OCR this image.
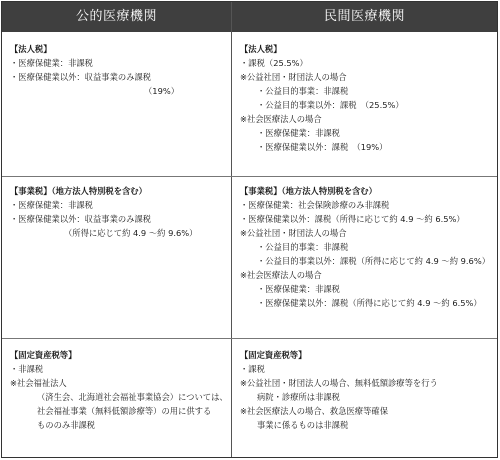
公的医療機関	民間医療機関
【法人税】
・医療保健業：非課税
・医療保健業以外：収益事業のみ課税
（19%）
【法人税】
・課税（25.5%）
※公益社団・財団法人の場合
・公益目的事業：非課税
・公益目的事業以外：課税　（25.5%）
※社会医療法人の場合
・医療保健業：非課税
・医療保健業以外：課税　（19%）
【事業税】（地方法人特別税を含む）
・医療保健業：非課税
・医療保健業以外：収益事業のみ課税
（所得に応じて約 4.9 〜約 9.6%）
【事業税】（地方法人特別税を含む）
・医療保健業：社会保険診療のみ非課税
・医療保健業以外：課税（所得に応じて約 4.9 〜約 6.5%）
※公益社団・財団法人の場合
・公益目的事業：非課税
・公益目的事業以外：課税（所得に応じて約 4.9 〜約 9.6%）
※社会医療法人の場合
・医療保健業：非課税
・医療保健業以外：課税（所得に応じて約 4.9 〜約 6.5%）
【固定資産税等】
・非課税
※社会福祉法人
（済生会、北海道社会福祉事業協会）については、
社会福祉事業（無料低額診療等）の用に供する
もののみ非課税
【固定資産税等】
・課税
※公益社団・財団法人の場合、無料低額診療等を行う
病院・診療所は非課税
※社会医療法人の場合、救急医療等確保
事業に係るものは非課税
